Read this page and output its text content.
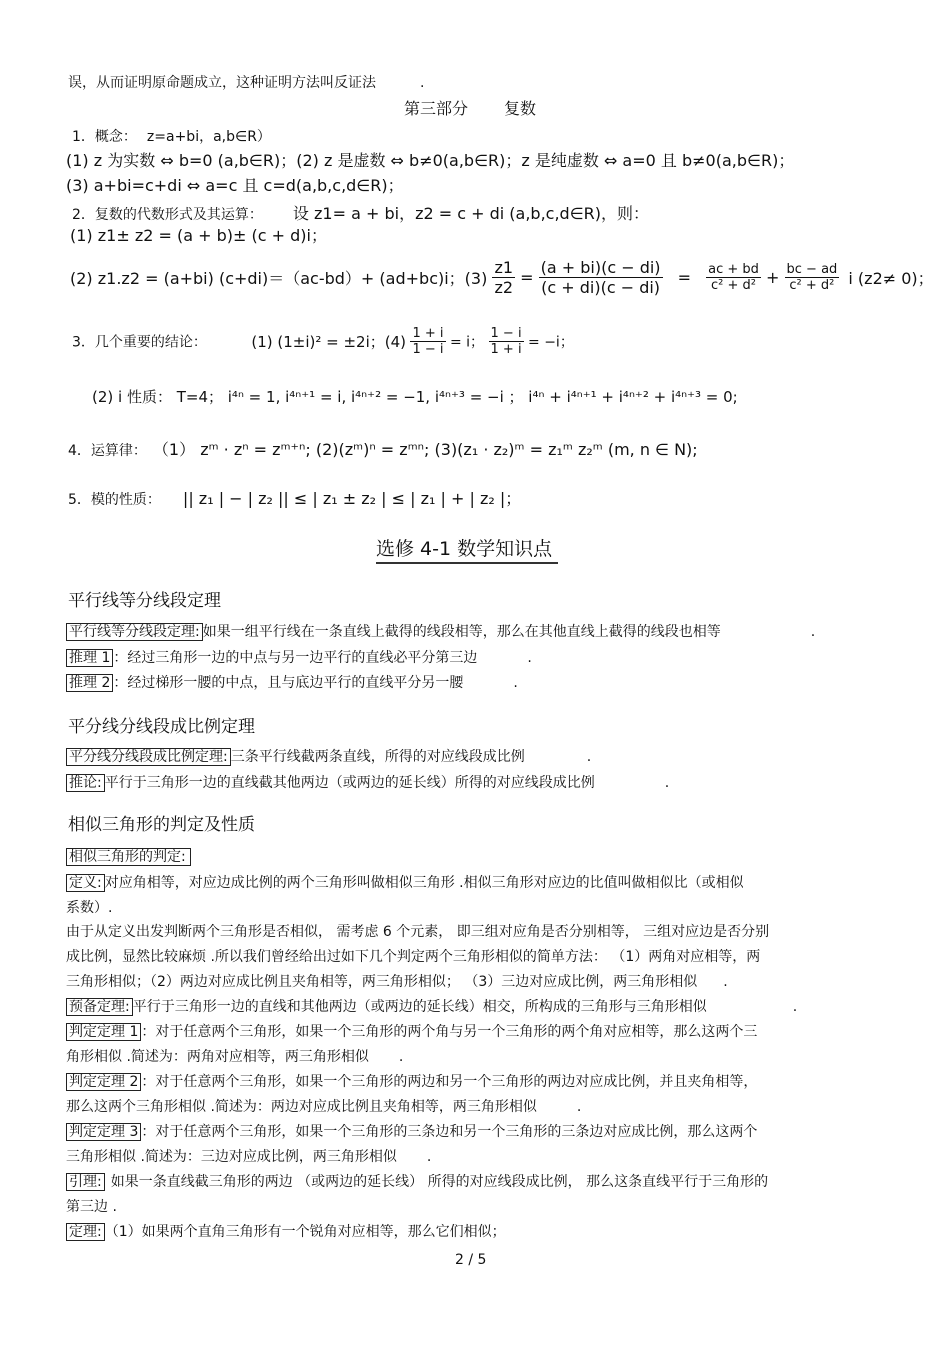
误，从而证明原命题成立，这种证明方法叫反证法	.
第三部分 复数
1．概念： z=a+bi，a,b∈R）
(1) z 为实数 ⇔ b=0 (a,b∈R)；(2) z 是虚数 ⇔ b≠0(a,b∈R)；z 是纯虚数 ⇔ a=0 且 b≠0(a,b∈R)；
(3) a+bi=c+di ⇔ a=c 且 c=d(a,b,c,d∈R)；
2．复数的代数形式及其运算： 设 z1= a + bi，z2 = c + di (a,b,c,d∈R)，则：
(1) z1± z2 = (a + b)± (c + d)i；
(2) z1.z2 = (a+bi) (c+di)＝（ac-bd）+ (ad+bc)i；$(3) \frac{z1}{z2} = \frac{(a + bi)(c - di)}{(c + di)(c - di)} = \frac{ac + bd}{\text{c² + d²}} + \frac{bc - ad}{\text{c² + d²}}$ i (z2≠ 0)；
3．几个重要的结论：	(1) (1±i)² = ±2i；$(4) \frac{1 + i}{1 - i} = i$； $\frac{1 - i}{1 + i} = -i$；
(2) i 性质： T=4； i⁴ⁿ = 1, i⁴ⁿ⁺¹ = i, i⁴ⁿ⁺² = −1, i⁴ⁿ⁺³ = −i ； i⁴ⁿ + i⁴ⁿ⁺¹ + i⁴ⁿ⁺² + i⁴ⁿ⁺³ = 0;
4．运算律： （1） zᵐ · zⁿ = zᵐ⁺ⁿ; (2)(zᵐ)ⁿ = zᵐⁿ; (3)(z₁ · z₂)ᵐ = z₁ᵐ z₂ᵐ (m, n ∈ N);
5．模的性质： || z₁ | − | z₂ || ≤ | z₁ ± z₂ | ≤ | z₁ | + | z₂ |；
选修 4-1 数学知识点
平行线等分线段定理
平行线等分线段定理: 如果一组平行线在一条直线上截得的线段相等，那么在其他直线上截得的线段也相等	.
推理 1 ：经过三角形一边的中点与另一边平行的直线必平分第三边	.
推理 2 ：经过梯形一腰的中点，且与底边平行的直线平分另一腰	.
平分线分线段成比例定理
平分线分线段成比例定理: 三条平行线截两条直线，所得的对应线段成比例	.
推论: 平行于三角形一边的直线截其他两边（或两边的延长线）所得的对应线段成比例	.
相似三角形的判定及性质
相似三角形的判定:
定义: 对应角相等，对应边成比例的两个三角形叫做相似三角形 .相似三角形对应边的比值叫做相似比（或相似
系数）.
由于从定义出发判断两个三角形是否相似， 需考虑 6 个元素， 即三组对应角是否分别相等， 三组对应边是否分别
成比例，显然比较麻烦 .所以我们曾经给出过如下几个判定两个三角形相似的简单方法： （1）两角对应相等，两
三角形相似；（2）两边对应成比例且夹角相等，两三角形相似； （3）三边对应成比例，两三角形相似 .
预备定理: 平行于三角形一边的直线和其他两边（或两边的延长线）相交，所构成的三角形与三角形相似	.
判定定理 1 ：对于任意两个三角形，如果一个三角形的两个角与另一个三角形的两个角对应相等，那么这两个三
角形相似 .简述为：两角对应相等，两三角形相似 .
判定定理 2 ：对于任意两个三角形，如果一个三角形的两边和另一个三角形的两边对应成比例，并且夹角相等，
那么这两个三角形相似 .简述为：两边对应成比例且夹角相等，两三角形相似	.
判定定理 3 ：对于任意两个三角形，如果一个三角形的三条边和另一个三角形的三条边对应成比例，那么这两个
三角形相似 .简述为：三边对应成比例，两三角形相似 .
引理: 如果一条直线截三角形的两边 （或两边的延长线） 所得的对应线段成比例， 那么这条直线平行于三角形的
第三边 .
定理: （1）如果两个直角三角形有一个锐角对应相等，那么它们相似；
2 / 5
